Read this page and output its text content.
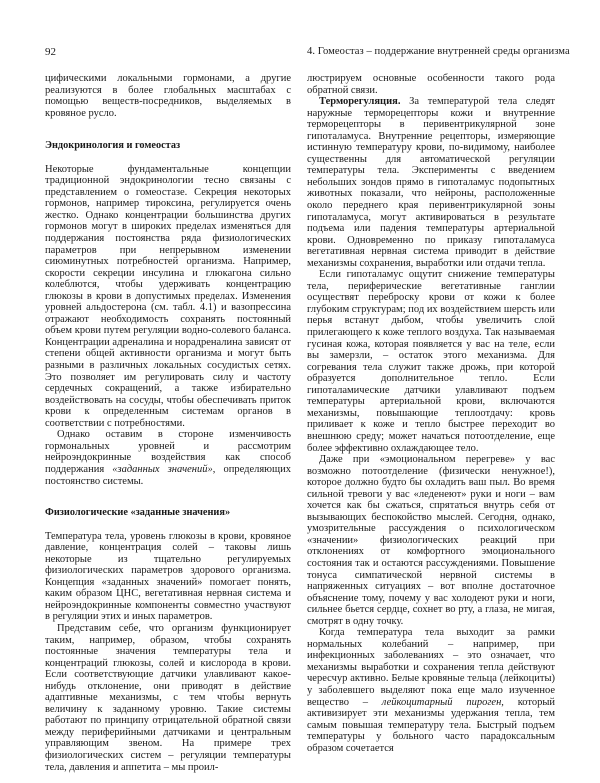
92	4. Гомеостаз – поддержание внутренней среды организма

цифическими локальными гормонами, а другие реализуются в более глобальных масштабах с помощью веществ-посредников, выделяемых в кровяное русло.

Эндокринология и гомеостаз

Некоторые фундаментальные концепции традиционной эндокринологии тесно связаны с представлением о гомеостазе. Секреция некоторых гормонов, например тироксина, регулируется очень жестко. Однако концентрации большинства других гормонов могут в широких пределах изменяться для поддержания постоянства ряда физиологических параметров при непрерывном изменении сиюминутных потребностей организма. Например, скорости секреции инсулина и глюкагона сильно колеблются, чтобы удерживать концентрацию глюкозы в крови в допустимых пределах. Изменения уровней альдостерона (см. табл. 4.1) и вазопрессина отражают необходимость сохранять постоянный объем крови путем регуляции водно-солевого баланса. Концентрации адреналина и норадреналина зависят от степени общей активности организма и могут быть разными в различных локальных сосудистых сетях. Это позволяет им регулировать силу и частоту сердечных сокращений, а также избирательно воздействовать на сосуды, чтобы обеспечивать приток крови к определенным системам органов в соответствии с потребностями.

Однако оставим в стороне изменчивость гормональных уровней и рассмотрим нейроэндокринные воздействия как способ поддержания «заданных значений», определяющих постоянство системы.

Физиологические «заданные значения»

Температура тела, уровень глюкозы в крови, кровяное давление, концентрация солей – таковы лишь некоторые из тщательно регулируемых физиологических параметров здорового организма. Концепция «заданных значений» помогает понять, каким образом ЦНС, вегетативная нервная система и нейроэндокринные компоненты совместно участвуют в регуляции этих и иных параметров.

Представим себе, что организм функционирует таким, например, образом, чтобы сохранять постоянные значения температуры тела и концентраций глюкозы, солей и кислорода в крови. Если соответствующие датчики улавливают какое-нибудь отклонение, они приводят в действие адаптивные механизмы, с тем чтобы вернуть величину к заданному уровню. Такие системы работают по принципу отрицательной обратной связи между периферийными датчиками и центральным управляющим звеном. На примере трех физиологических систем – регуляции температуры тела, давления и аппетита – мы проил-

люстрируем основные особенности такого рода обратной связи.

Терморегуляция. За температурой тела следят наружные терморецепторы кожи и внутренние терморецепторы в перивентрикулярной зоне гипоталамуса. Внутренние рецепторы, измеряющие истинную температуру крови, по-видимому, наиболее существенны для автоматической регуляции температуры тела. Эксперименты с введением небольших зондов прямо в гипоталамус подопытных животных показали, что нейроны, расположенные около переднего края перивентрикулярной зоны гипоталамуса, могут активироваться в результате подъема или падения температуры артериальной крови. Одновременно по приказу гипоталамуса вегетативная нервная система приводит в действие механизмы сохранения, выработки или отдачи тепла.

Если гипоталамус ощутит снижение температуры тела, периферические вегетативные ганглии осуществят переброску крови от кожи к более глубоким структурам; под их воздействием шерсть или перья встанут дыбом, чтобы увеличить слой прилегающего к коже теплого воздуха. Так называемая гусиная кожа, которая появляется у вас на теле, если вы замерзли, – остаток этого механизма. Для согревания тела служит также дрожь, при которой образуется дополнительное тепло. Если гипоталамические датчики улавливают подъем температуры артериальной крови, включаются механизмы, повышающие теплоотдачу: кровь приливает к коже и тепло быстрее переходит во внешнюю среду; может начаться потоотделение, еще более эффективно охлаждающее тело.

Даже при «эмоциональном перегреве» у вас возможно потоотделение (физически ненужное!), которое должно будто бы охладить ваш пыл. Во время сильной тревоги у вас «леденеют» руки и ноги – вам хочется как бы сжаться, спрятаться внутрь себя от вызывающих беспокойство мыслей. Сегодня, однако, умозрительные рассуждения о психологическом «значении» физиологических реакций при отклонениях от комфортного эмоционального состояния так и остаются рассуждениями. Повышение тонуса симпатической нервной системы в напряженных ситуациях – вот вполне достаточное объяснение тому, почему у вас холодеют руки и ноги, сильнее бьется сердце, сохнет во рту, а глаза, не мигая, смотрят в одну точку.

Когда температура тела выходит за рамки нормальных колебаний – например, при инфекционных заболеваниях – это означает, что механизмы выработки и сохранения тепла действуют чересчур активно. Белые кровяные тельца (лейкоциты) у заболевшего выделяют пока еще мало изученное вещество – лейкоцитарный пироген, который активизирует эти механизмы удержания тепла, тем самым повышая температуру тела. Быстрый подъем температуры у больного часто парадоксальным образом сочетается
